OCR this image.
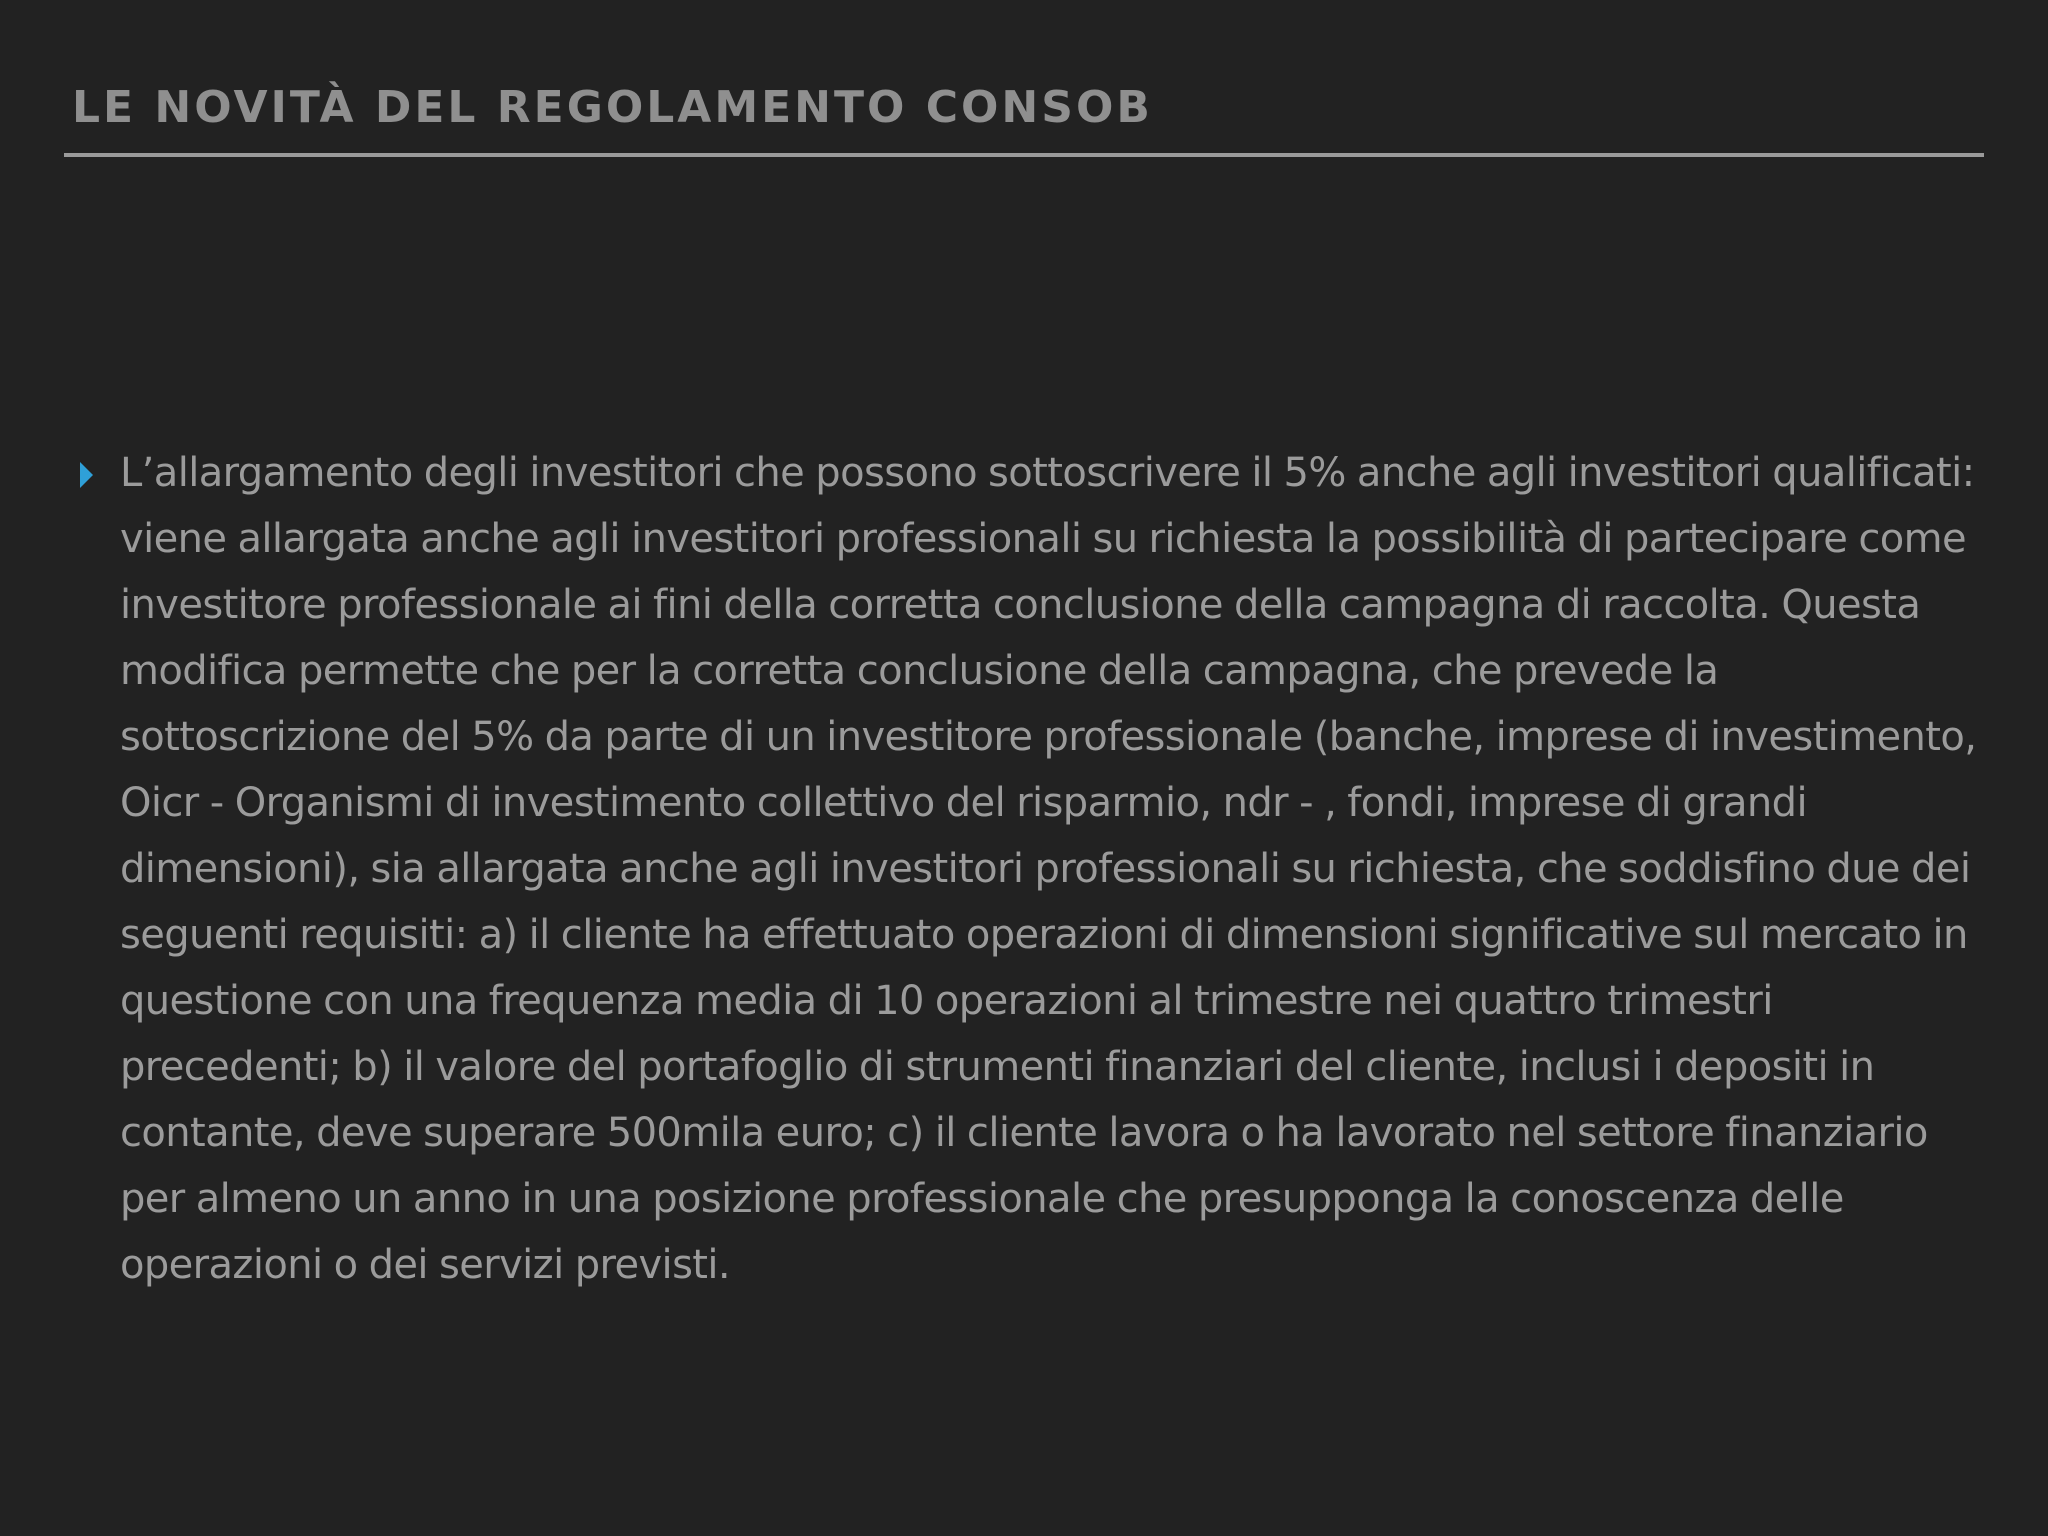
LE NOVITÀ DEL REGOLAMENTO CONSOB
L’allargamento degli investitori che possono sottoscrivere il 5% anche agli investitori qualificati: viene allargata anche agli investitori professionali su richiesta la possibilità di partecipare come investitore professionale ai fini della corretta conclusione della campagna di raccolta. Questa modifica permette che per la corretta conclusione della campagna, che prevede la sottoscrizione del 5% da parte di un investitore professionale (banche, imprese di investimento, Oicr - Organismi di investimento collettivo del risparmio, ndr - , fondi, imprese di grandi dimensioni), sia allargata anche agli investitori professionali su richiesta, che soddisfino due dei seguenti requisiti: a) il cliente ha effettuato operazioni di dimensioni significative sul mercato in questione con una frequenza media di 10 operazioni al trimestre nei quattro trimestri precedenti; b) il valore del portafoglio di strumenti finanziari del cliente, inclusi i depositi in contante, deve superare 500mila euro; c) il cliente lavora o ha lavorato nel settore finanziario per almeno un anno in una posizione professionale che presupponga la conoscenza delle operazioni o dei servizi previsti.
